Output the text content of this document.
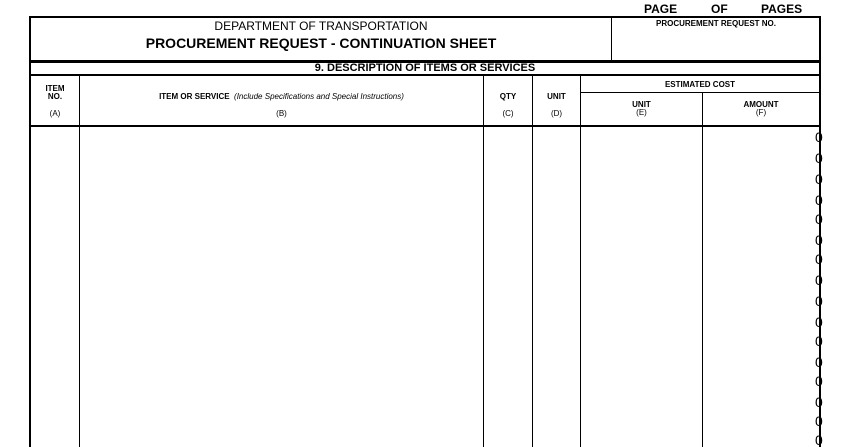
PAGE	OF	PAGES
DEPARTMENT OF TRANSPORTATION
PROCUREMENT REQUEST - CONTINUATION SHEET
PROCUREMENT REQUEST NO.
9. DESCRIPTION OF ITEMS OR SERVICES
ITEM
NO.
(A)
ITEM OR SERVICE (Include Specifications and Special Instructions)
(B)
QTY
(C)
UNIT
(D)
ESTIMATED COST
UNIT
(E)
AMOUNT
(F)
0
0
0
0
0
0
0
0
0
0
0
0
0
0
0
0
